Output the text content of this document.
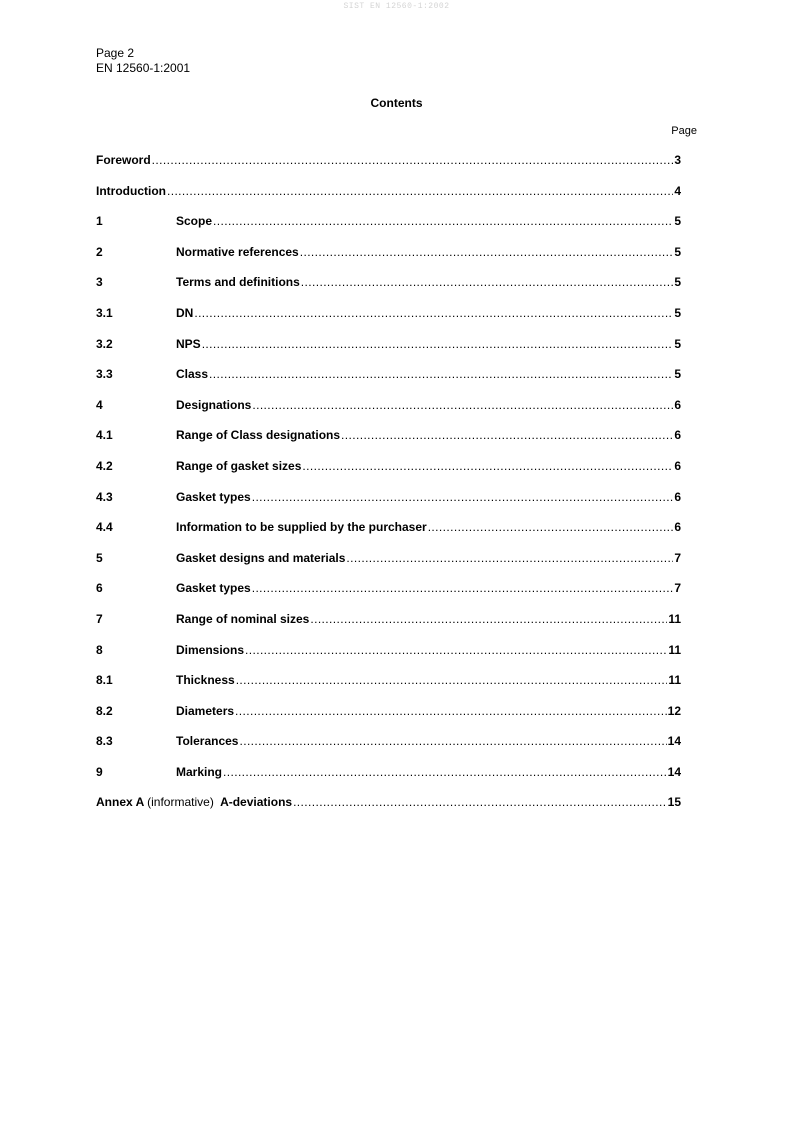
SIST EN 12560-1:2002
Page 2
EN 12560-1:2001
Contents
Page
Foreword .....	3
Introduction .....	4
1	Scope .....	5
2	Normative references .....	5
3	Terms and definitions .....	5
3.1	DN .....	5
3.2	NPS .....	5
3.3	Class .....	5
4	Designations .....	6
4.1	Range of Class designations .....	6
4.2	Range of gasket sizes .....	6
4.3	Gasket types .....	6
4.4	Information to be supplied by the purchaser .....	6
5	Gasket designs and materials .....	7
6	Gasket types .....	7
7	Range of nominal sizes .....	11
8	Dimensions .....	11
8.1	Thickness .....	11
8.2	Diameters .....	12
8.3	Tolerances .....	14
9	Marking .....	14
Annex A (informative) A-deviations .....	15
